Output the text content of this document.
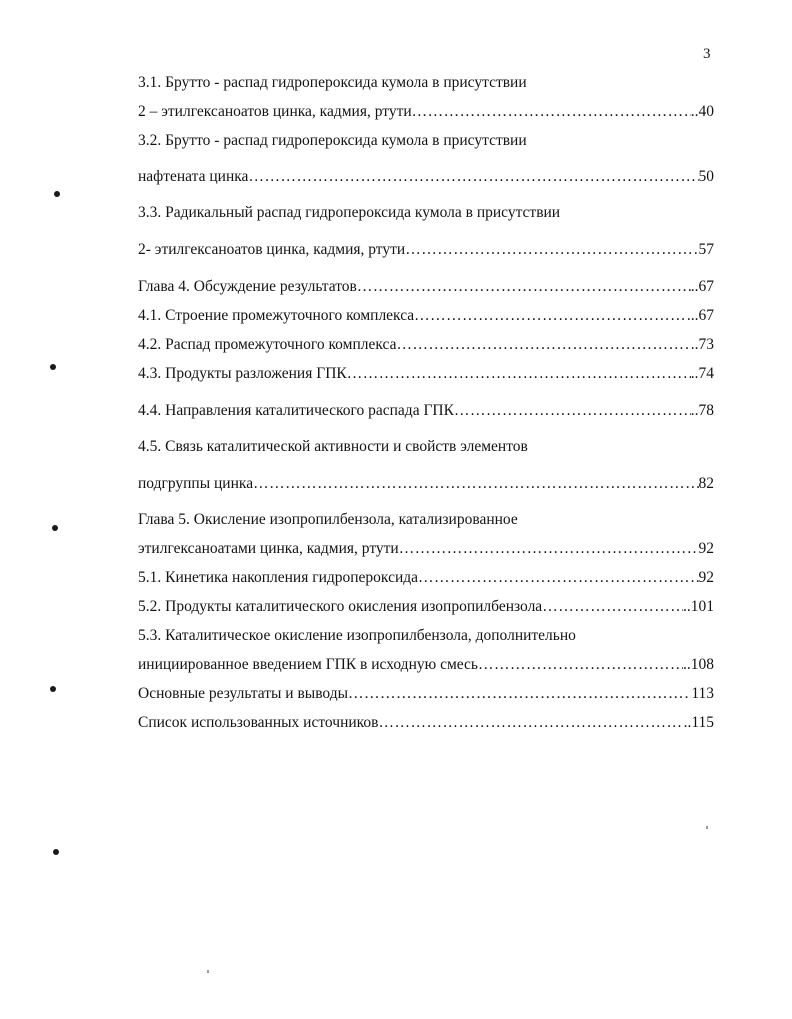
3
3.1. Брутто - распад гидропероксида кумола в присутствии
2 – этилгексаноатов цинка, кадмия, ртути ………………………………………………………………………………………………………………………………………………………………………………………	..40
3.2. Брутто - распад гидропероксида кумола в присутствии
нафтената цинка ………………………………………………………………………………………………………………………………………………………………………………………	50
3.3. Радикальный распад гидропероксида кумола в присутствии
2- этилгексаноатов цинка, кадмия, ртути ………………………………………………………………………………………………………………………………………………………………………………………	57
Глава 4. Обсуждение результатов ………………………………………………………………………………………………………………………………………………………………………………………	..67
4.1. Строение промежуточного комплекса ………………………………………………………………………………………………………………………………………………………………………………………	...67
4.2. Распад промежуточного комплекса ………………………………………………………………………………………………………………………………………………………………………………………	..73
4.3. Продукты разложения ГПК ………………………………………………………………………………………………………………………………………………………………………………………	..74
4.4. Направления каталитического распада ГПК ………………………………………………………………………………………………………………………………………………………………………………………	..78
4.5. Связь каталитической активности и свойств элементов
подгруппы цинка ………………………………………………………………………………………………………………………………………………………………………………………	82
Глава 5. Окисление изопропилбензола, катализированное
этилгексаноатами цинка, кадмия, ртути ………………………………………………………………………………………………………………………………………………………………………………………	92
5.1. Кинетика накопления гидропероксида ………………………………………………………………………………………………………………………………………………………………………………………	92
5.2. Продукты каталитического окисления изопропилбензола ………………………………………………………………………………………………………………………………………………………………………………………	..101
5.3. Каталитическое окисление изопропилбензола, дополнительно
инициированное введением ГПК в исходную смесь ………………………………………………………………………………………………………………………………………………………………………………………	..108
Основные результаты и выводы ………………………………………………………………………………………………………………………………………………………………………………………	113
Список использованных источников ………………………………………………………………………………………………………………………………………………………………………………………	..115
